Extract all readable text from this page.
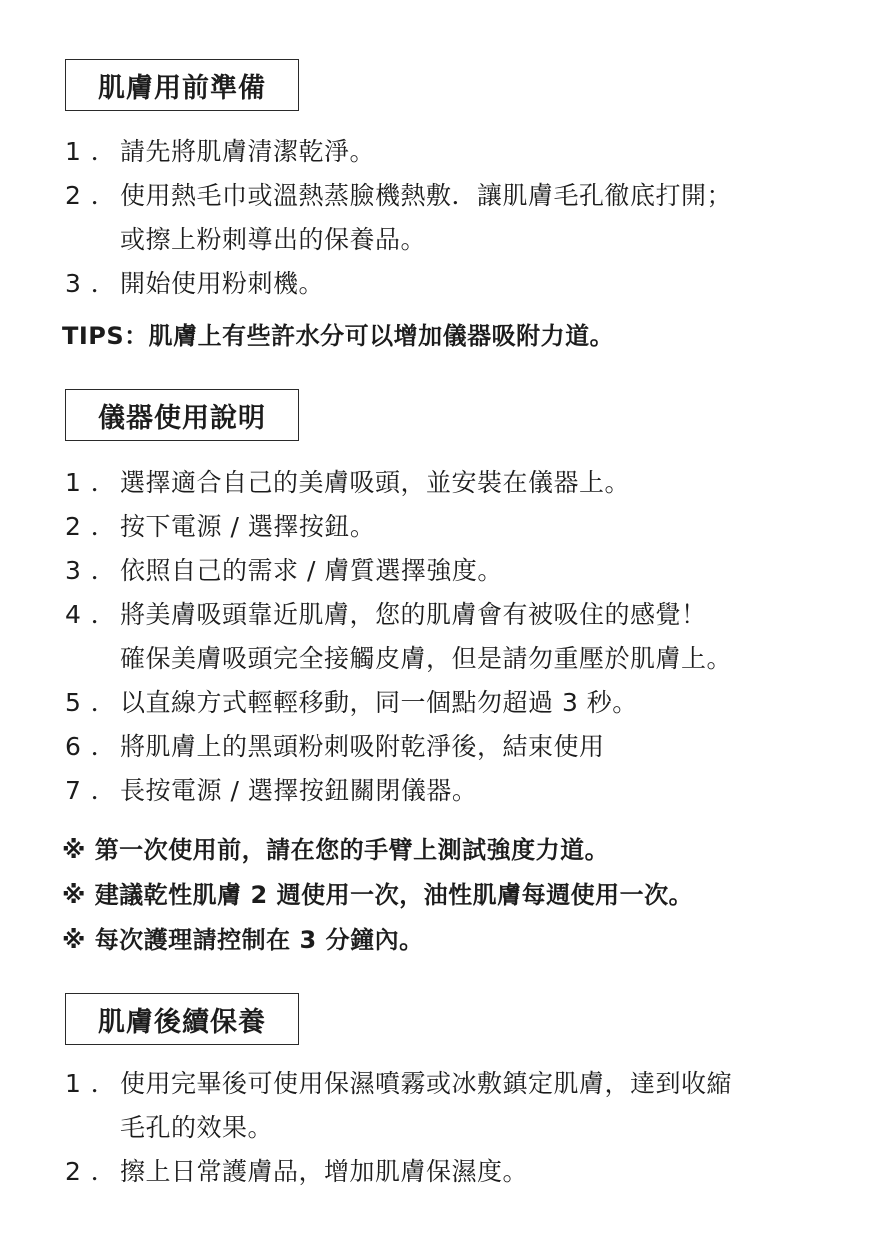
肌膚用前準備
1 ． 請先將肌膚清潔乾淨。
2 ． 使用熱毛巾或溫熱蒸臉機熱敷．讓肌膚毛孔徹底打開；
或擦上粉刺導出的保養品。
3 ． 開始使用粉刺機。
TIPS：肌膚上有些許水分可以增加儀器吸附力道。
儀器使用說明
1 ． 選擇適合自己的美膚吸頭，並安裝在儀器上。
2 ． 按下電源 / 選擇按鈕。
3 ． 依照自己的需求 / 膚質選擇強度。
4 ． 將美膚吸頭靠近肌膚，您的肌膚會有被吸住的感覺！
確保美膚吸頭完全接觸皮膚，但是請勿重壓於肌膚上。
5 ． 以直線方式輕輕移動，同一個點勿超過 3 秒。
6 ． 將肌膚上的黑頭粉刺吸附乾淨後，結束使用
7 ． 長按電源 / 選擇按鈕關閉儀器。
※ 第一次使用前，請在您的手臂上測試強度力道。
※ 建議乾性肌膚 2 週使用一次，油性肌膚每週使用一次。
※ 每次護理請控制在 3 分鐘內。
肌膚後續保養
1 ． 使用完畢後可使用保濕噴霧或冰敷鎮定肌膚，達到收縮
毛孔的效果。
2 ． 擦上日常護膚品，增加肌膚保濕度。
